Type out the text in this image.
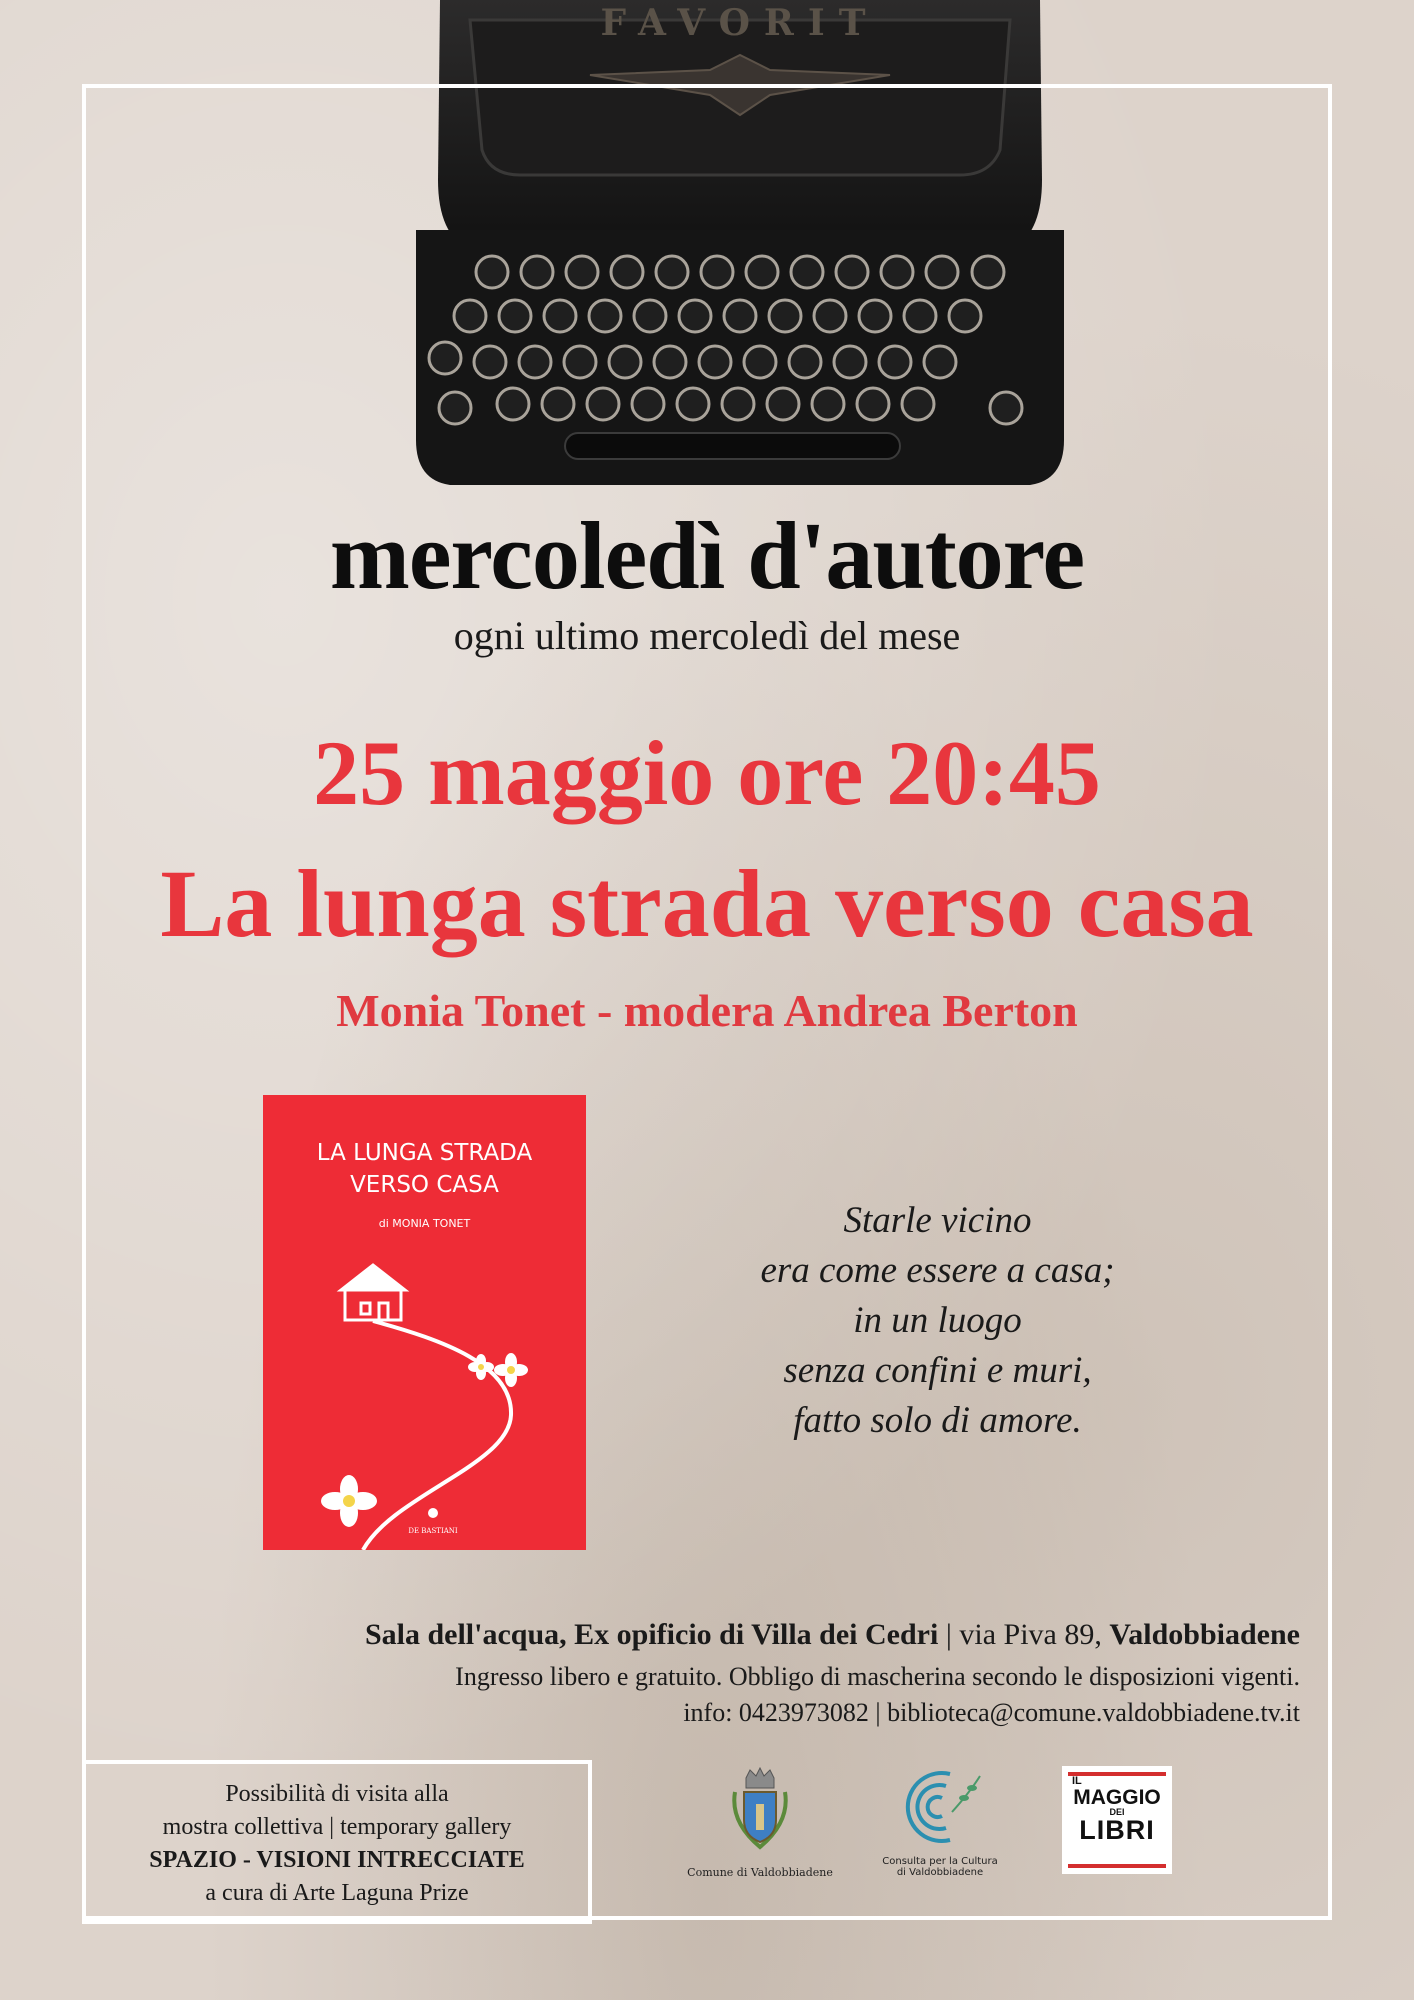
FAVORIT
mercoledì d'autore
ogni ultimo mercoledì del mese
25 maggio ore 20:45
La lunga strada verso casa
Monia Tonet - modera Andrea Berton
LA LUNGA STRADA
VERSO CASA
di MONIA TONET
DE BASTIANI
Starle vicino
era come essere a casa;
in un luogo
senza confini e muri,
fatto solo di amore.
Sala dell'acqua, Ex opificio di Villa dei Cedri | via Piva 89, Valdobbiadene
Ingresso libero e gratuito. Obbligo di mascherina secondo le disposizioni vigenti.
info: 0423973082 | biblioteca@comune.valdobbiadene.tv.it
Possibilità di visita alla
mostra collettiva | temporary gallery
SPAZIO - VISIONI INTRECCIATE
a cura di Arte Laguna Prize
Comune di Valdobbiadene
Consulta per la Cultura
di Valdobbiadene
IL
MAGGIO
DEI
LIBRI
